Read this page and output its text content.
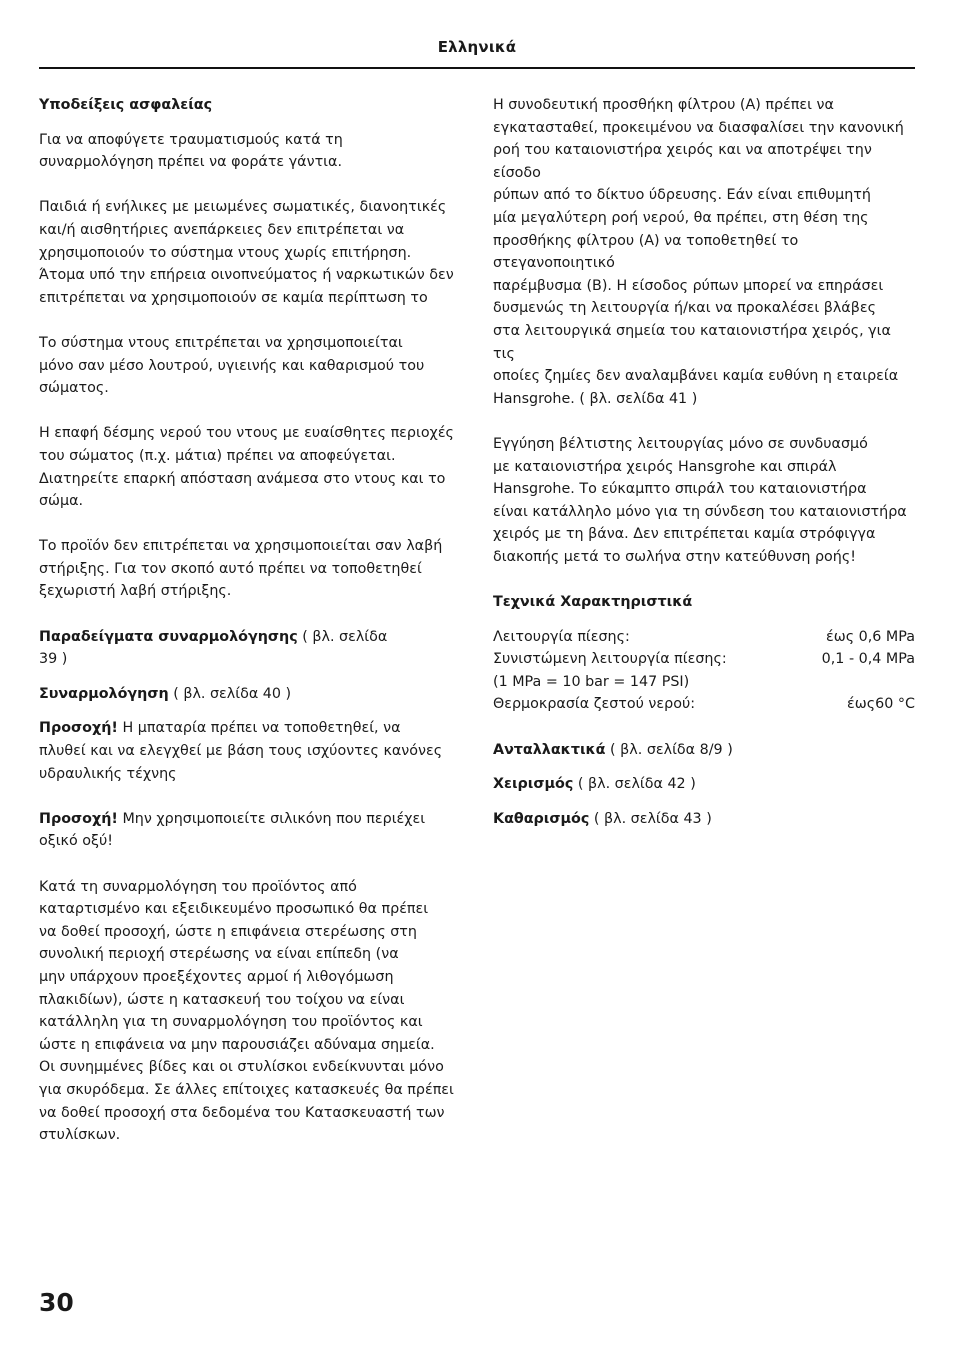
Ελληνικά

Υποδείξεις ασφαλείας

Για να αποφύγετε τραυματισμούς κατά τη
συναρμολόγηση πρέπει να φοράτε γάντια.

Παιδιά ή ενήλικες με μειωμένες σωματικές, διανοητικές
και/ή αισθητήριες ανεπάρκειες δεν επιτρέπεται να
χρησιμοποιούν το σύστημα ντους χωρίς επιτήρηση.
Άτομα υπό την επήρεια οινοπνεύματος ή ναρκωτικών δεν
επιτρέπεται να χρησιμοποιούν σε καμία περίπτωση το

Το σύστημα ντους επιτρέπεται να χρησιμοποιείται
μόνο σαν μέσο λουτρού, υγιεινής και καθαρισμού του
σώματος.

Η επαφή δέσμης νερού του ντους με ευαίσθητες περιοχές
του σώματος (π.χ. μάτια) πρέπει να αποφεύγεται.
Διατηρείτε επαρκή απόσταση ανάμεσα στο ντους και το
σώμα.

Το προϊόν δεν επιτρέπεται να χρησιμοποιείται σαν λαβή
στήριξης. Για τον σκοπό αυτό πρέπει να τοποθετηθεί
ξεχωριστή λαβή στήριξης.

Παραδείγματα συναρμολόγησης ( βλ. σελίδα
39 )

Συναρμολόγηση ( βλ. σελίδα 40 )

Προσοχή! Η μπαταρία πρέπει να τοποθετηθεί, να
πλυθεί και να ελεγχθεί με βάση τους ισχύοντες κανόνες
υδραυλικής τέχνης

Προσοχή! Μην χρησιμοποιείτε σιλικόνη που περιέχει
οξικό οξύ!

Κατά τη συναρμολόγηση του προϊόντος από
καταρτισμένο και εξειδικευμένο προσωπικό θα πρέπει
να δοθεί προσοχή, ώστε η επιφάνεια στερέωσης στη
συνολική περιοχή στερέωσης να είναι επίπεδη (να
μην υπάρχουν προεξέχοντες αρμοί ή λιθογόμωση
πλακιδίων), ώστε η κατασκευή του τοίχου να είναι
κατάλληλη για τη συναρμολόγηση του προϊόντος και
ώστε η επιφάνεια να μην παρουσιάζει αδύναμα σημεία.
Οι συνημμένες βίδες και οι στυλίσκοι ενδείκνυνται μόνο
για σκυρόδεμα. Σε άλλες επίτοιχες κατασκευές θα πρέπει
να δοθεί προσοχή στα δεδομένα του Κατασκευαστή των
στυλίσκων.

Η συνοδευτική προσθήκη φίλτρου (A) πρέπει να
εγκατασταθεί, προκειμένου να διασφαλίσει την κανονική
ροή του καταιονιστήρα χειρός και να αποτρέψει την είσοδο
ρύπων από το δίκτυο ύδρευσης. Εάν είναι επιθυμητή
μία μεγαλύτερη ροή νερού, θα πρέπει, στη θέση της
προσθήκης φίλτρου (A) να τοποθετηθεί το στεγανοποιητικό
παρέμβυσμα (B). Η είσοδος ρύπων μπορεί να επηράσει
δυσμενώς τη λειτουργία ή/και να προκαλέσει βλάβες
στα λειτουργικά σημεία του καταιονιστήρα χειρός, για τις
οποίες ζημίες δεν αναλαμβάνει καμία ευθύνη η εταιρεία
Hansgrohe. ( βλ. σελίδα 41 )

Εγγύηση βέλτιστης λειτουργίας μόνο σε συνδυασμό
με καταιονιστήρα χειρός Hansgrohe και σπιράλ
Hansgrohe. Το εύκαμπτο σπιράλ του καταιονιστήρα
είναι κατάλληλο μόνο για τη σύνδεση του καταιονιστήρα
χειρός με τη βάνα. Δεν επιτρέπεται καμία στρόφιγγα
διακοπής μετά το σωλήνα στην κατεύθυνση ροής!

Τεχνικά Χαρακτηριστικά

Λειτουργία πίεσης:	έως 0,6 MPa
Συνιστώμενη λειτουργία πίεσης:	0,1 - 0,4 MPa
(1 MPa = 10 bar = 147 PSI)
Θερμοκρασία ζεστού νερού:	έως60 °C

Ανταλλακτικά ( βλ. σελίδα 8/9 )

Χειρισμός ( βλ. σελίδα 42 )

Καθαρισμός ( βλ. σελίδα 43 )

30
